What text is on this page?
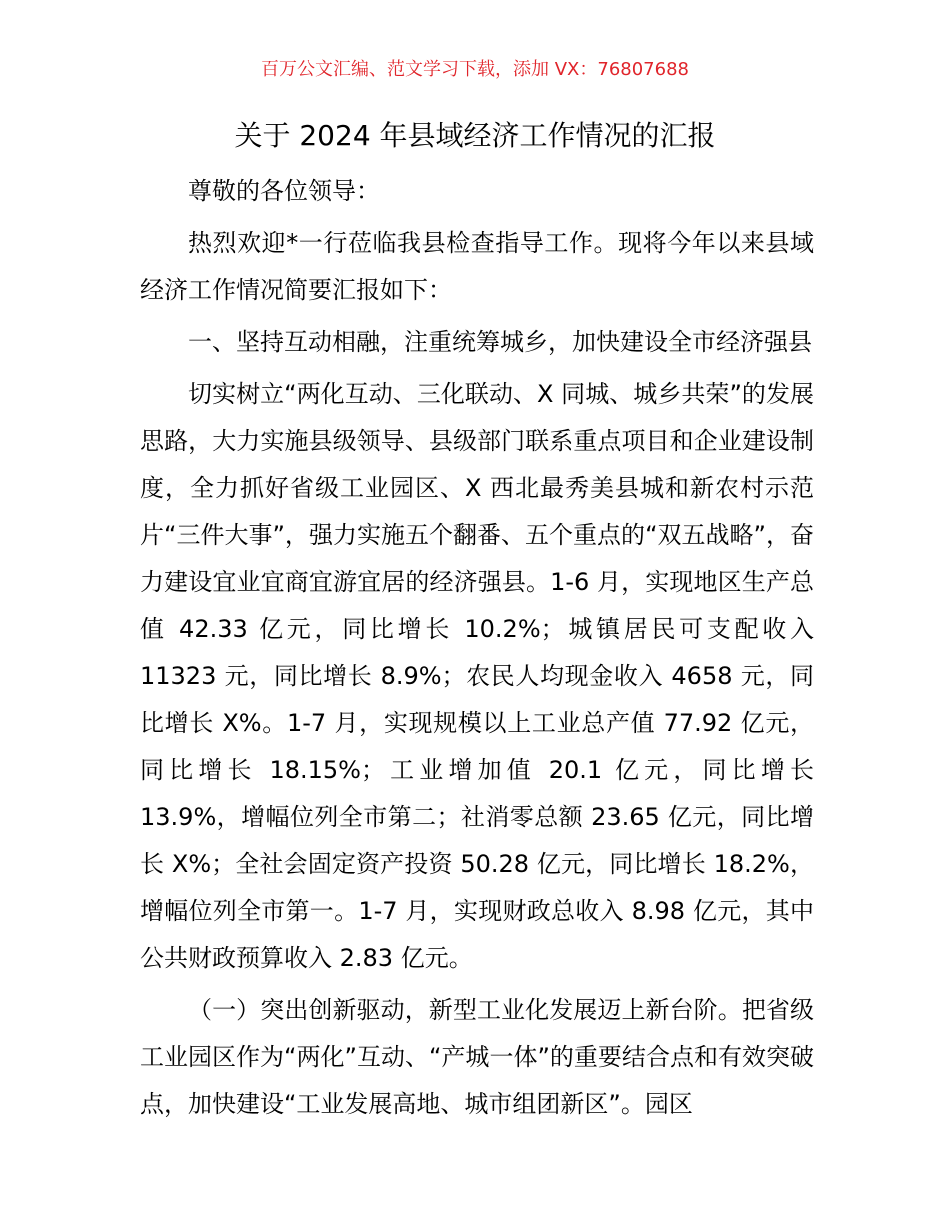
百万公文汇编、范文学习下载，添加 VX：76807688
关于 2024 年县域经济工作情况的汇报

尊敬的各位领导：

热烈欢迎*一行莅临我县检查指导工作。现将今年以来县域经济工作情况简要汇报如下：

一、坚持互动相融，注重统筹城乡，加快建设全市经济强县

切实树立“两化互动、三化联动、X 同城、城乡共荣”的发展思路，大力实施县级领导、县级部门联系重点项目和企业建设制度，全力抓好省级工业园区、X 西北最秀美县城和新农村示范片“三件大事”，强力实施五个翻番、五个重点的“双五战略”，奋力建设宜业宜商宜游宜居的经济强县。1-6 月，实现地区生产总值 42.33 亿元，同比增长 10.2%；城镇居民可支配收入 11323 元，同比增长 8.9%；农民人均现金收入 4658 元，同比增长 X%。1-7 月，实现规模以上工业总产值 77.92 亿元，同比增长 18.15%；工业增加值 20.1 亿元，同比增长 13.9%，增幅位列全市第二；社消零总额 23.65 亿元，同比增长 X%；全社会固定资产投资 50.28 亿元，同比增长 18.2%，增幅位列全市第一。1-7 月，实现财政总收入 8.98 亿元，其中公共财政预算收入 2.83 亿元。

（一）突出创新驱动，新型工业化发展迈上新台阶。把省级工业园区作为“两化”互动、“产城一体”的重要结合点和有效突破点，加快建设“工业发展高地、城市组团新区”。园区
